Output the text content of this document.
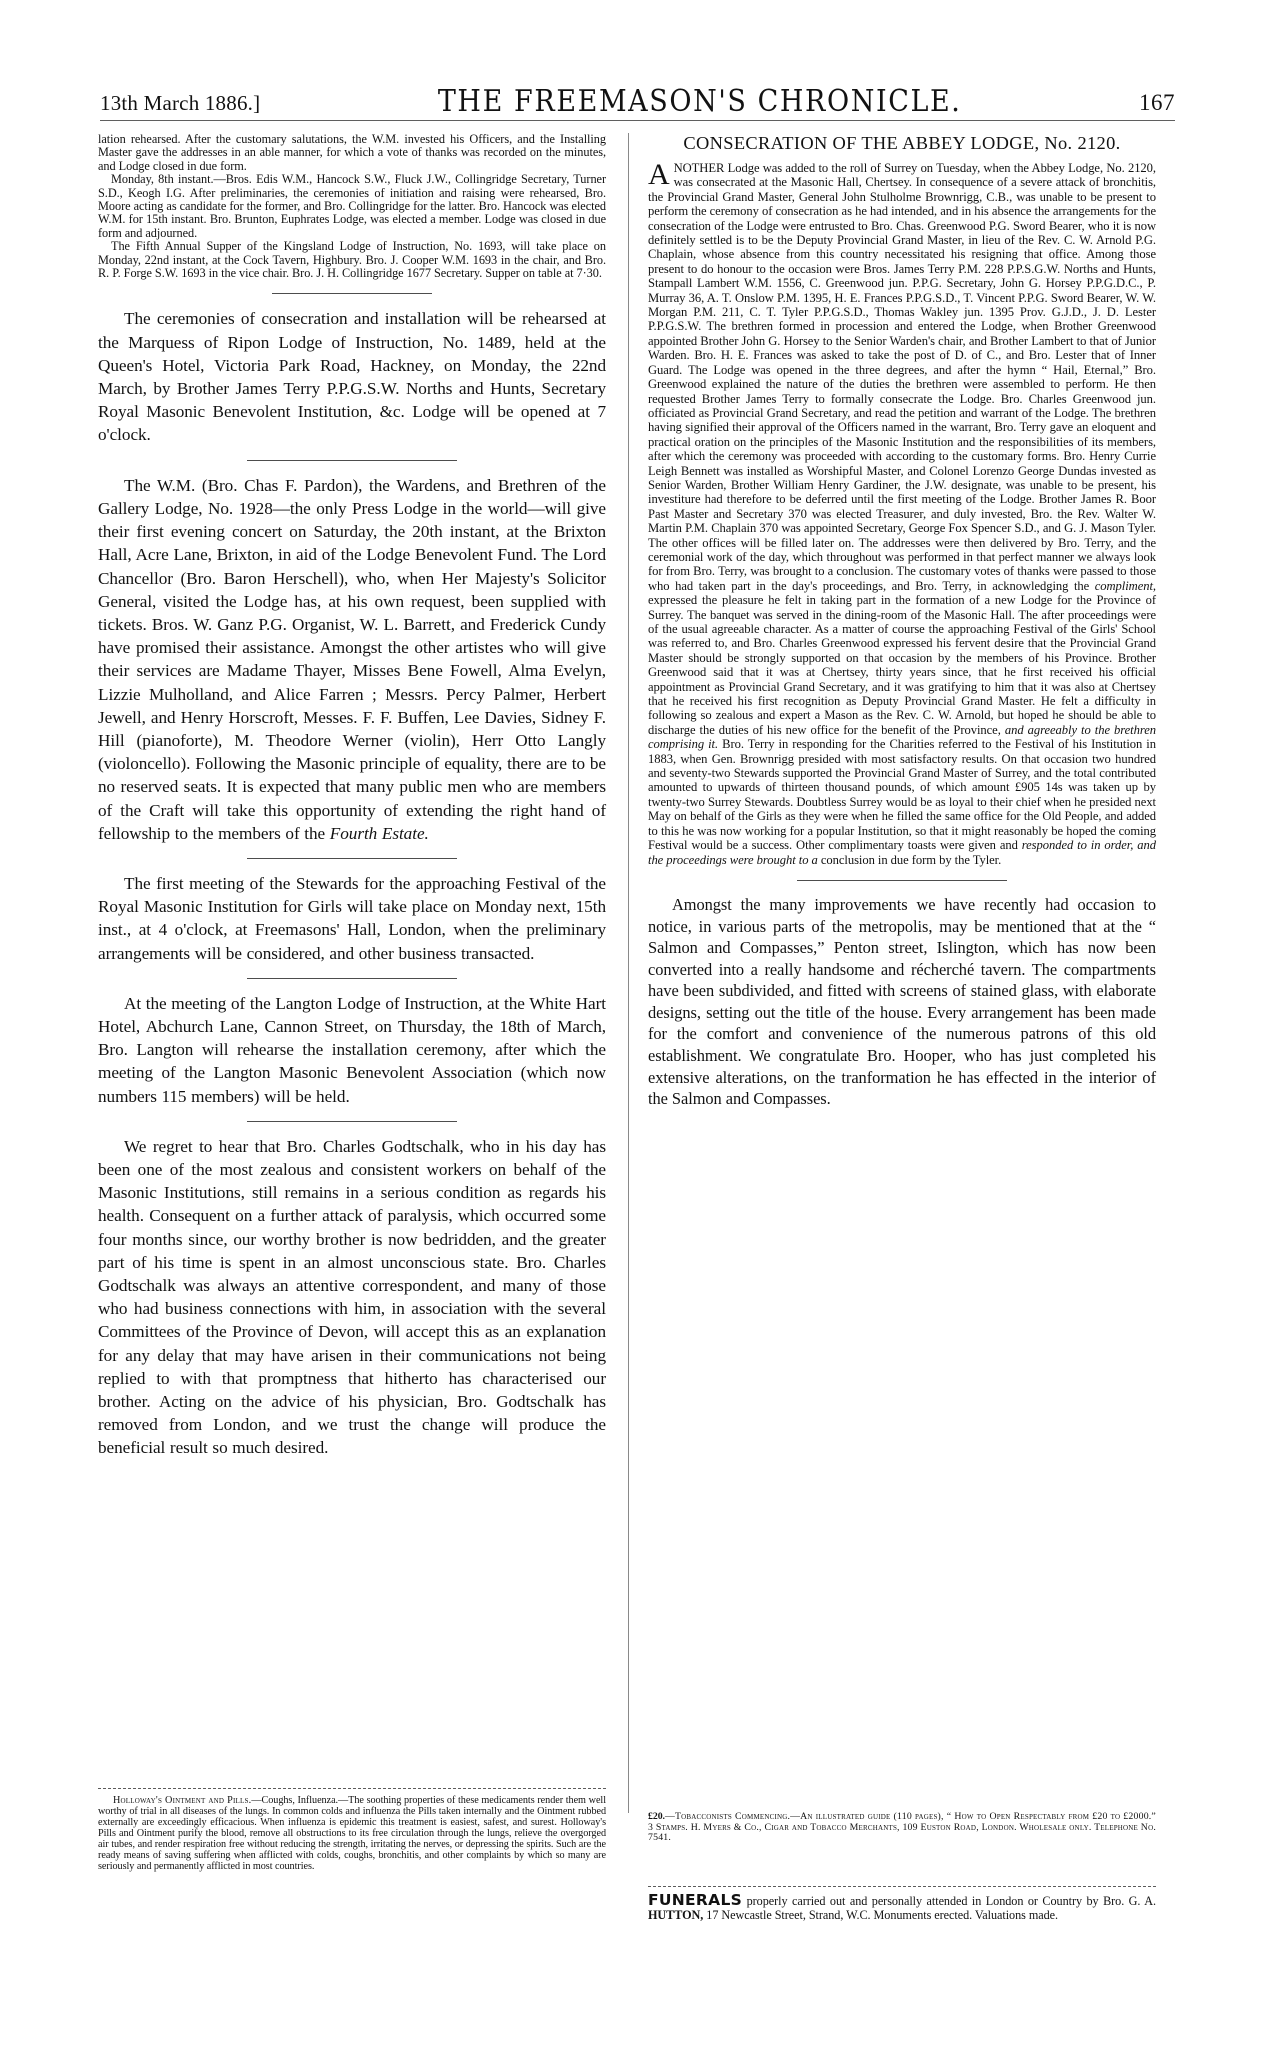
13th March 1886.]	THE FREEMASON'S CHRONICLE.	167

lation rehearsed. After the customary salutations, the W.M. invested his Officers, and the Installing Master gave the addresses in an able manner, for which a vote of thanks was recorded on the minutes, and Lodge closed in due form.

Monday, 8th instant.—Bros. Edis W.M., Hancock S.W., Fluck J.W., Collingridge Secretary, Turner S.D., Keogh I.G. After preliminaries, the ceremonies of initiation and raising were rehearsed, Bro. Moore acting as candidate for the former, and Bro. Collingridge for the latter. Bro. Hancock was elected W.M. for 15th instant. Bro. Brunton, Euphrates Lodge, was elected a member. Lodge was closed in due form and adjourned.

The Fifth Annual Supper of the Kingsland Lodge of Instruction, No. 1693, will take place on Monday, 22nd instant, at the Cock Tavern, Highbury. Bro. J. Cooper W.M. 1693 in the chair, and Bro. R. P. Forge S.W. 1693 in the vice chair. Bro. J. H. Collingridge 1677 Secretary. Supper on table at 7·30.

The ceremonies of consecration and installation will be rehearsed at the Marquess of Ripon Lodge of Instruction, No. 1489, held at the Queen's Hotel, Victoria Park Road, Hackney, on Monday, the 22nd March, by Brother James Terry P.P.G.S.W. Norths and Hunts, Secretary Royal Masonic Benevolent Institution, &c. Lodge will be opened at 7 o'clock.

The W.M. (Bro. Chas F. Pardon), the Wardens, and Brethren of the Gallery Lodge, No. 1928—the only Press Lodge in the world—will give their first evening concert on Saturday, the 20th instant, at the Brixton Hall, Acre Lane, Brixton, in aid of the Lodge Benevolent Fund. The Lord Chancellor (Bro. Baron Herschell), who, when Her Majesty's Solicitor General, visited the Lodge has, at his own request, been supplied with tickets. Bros. W. Ganz P.G. Organist, W. L. Barrett, and Frederick Cundy have promised their assistance. Amongst the other artistes who will give their services are Madame Thayer, Misses Bene Fowell, Alma Evelyn, Lizzie Mulholland, and Alice Farren ; Messrs. Percy Palmer, Herbert Jewell, and Henry Horscroft, Messes. F. F. Buffen, Lee Davies, Sidney F. Hill (pianoforte), M. Theodore Werner (violin), Herr Otto Langly (violoncello). Following the Masonic principle of equality, there are to be no reserved seats. It is expected that many public men who are members of the Craft will take this opportunity of extending the right hand of fellowship to the members of the Fourth Estate.

The first meeting of the Stewards for the approaching Festival of the Royal Masonic Institution for Girls will take place on Monday next, 15th inst., at 4 o'clock, at Freemasons' Hall, London, when the preliminary arrangements will be considered, and other business transacted.

At the meeting of the Langton Lodge of Instruction, at the White Hart Hotel, Abchurch Lane, Cannon Street, on Thursday, the 18th of March, Bro. Langton will rehearse the installation ceremony, after which the meeting of the Langton Masonic Benevolent Association (which now numbers 115 members) will be held.

We regret to hear that Bro. Charles Godtschalk, who in his day has been one of the most zealous and consistent workers on behalf of the Masonic Institutions, still remains in a serious condition as regards his health. Consequent on a further attack of paralysis, which occurred some four months since, our worthy brother is now bedridden, and the greater part of his time is spent in an almost unconscious state. Bro. Charles Godtschalk was always an attentive correspondent, and many of those who had business connections with him, in association with the several Committees of the Province of Devon, will accept this as an explanation for any delay that may have arisen in their communications not being replied to with that promptness that hitherto has characterised our brother. Acting on the advice of his physician, Bro. Godtschalk has removed from London, and we trust the change will produce the beneficial result so much desired.

CONSECRATION OF THE ABBEY LODGE, No. 2120.

ANOTHER Lodge was added to the roll of Surrey on Tuesday, when the Abbey Lodge, No. 2120, was consecrated at the Masonic Hall, Chertsey. In consequence of a severe attack of bronchitis, the Provincial Grand Master, General John Stulholme Brownrigg, C.B., was unable to be present to perform the ceremony of consecration as he had intended, and in his absence the arrangements for the consecration of the Lodge were entrusted to Bro. Chas. Greenwood P.G. Sword Bearer, who it is now definitely settled is to be the Deputy Provincial Grand Master, in lieu of the Rev. C. W. Arnold P.G. Chaplain, whose absence from this country necessitated his resigning that office. Among those present to do honour to the occasion were Bros. James Terry P.M. 228 P.P.S.G.W. Norths and Hunts, Stampall Lambert W.M. 1556, C. Greenwood jun. P.P.G. Secretary, John G. Horsey P.P.G.D.C., P. Murray 36, A. T. Onslow P.M. 1395, H. E. Frances P.P.G.S.D., T. Vincent P.P.G. Sword Bearer, W. W. Morgan P.M. 211, C. T. Tyler P.P.G.S.D., Thomas Wakley jun. 1395 Prov. G.J.D., J. D. Lester P.P.G.S.W. The brethren formed in procession and entered the Lodge, when Brother Greenwood appointed Brother John G. Horsey to the Senior Warden's chair, and Brother Lambert to that of Junior Warden. Bro. H. E. Frances was asked to take the post of D. of C., and Bro. Lester that of Inner Guard. The Lodge was opened in the three degrees, and after the hymn “ Hail, Eternal,” Bro. Greenwood explained the nature of the duties the brethren were assembled to perform. He then requested Brother James Terry to formally consecrate the Lodge. Bro. Charles Greenwood jun. officiated as Provincial Grand Secretary, and read the petition and warrant of the Lodge. The brethren having signified their approval of the Officers named in the warrant, Bro. Terry gave an eloquent and practical oration on the principles of the Masonic Institution and the responsibilities of its members, after which the ceremony was proceeded with according to the customary forms. Bro. Henry Currie Leigh Bennett was installed as Worshipful Master, and Colonel Lorenzo George Dundas invested as Senior Warden, Brother William Henry Gardiner, the J.W. designate, was unable to be present, his investiture had therefore to be deferred until the first meeting of the Lodge. Brother James R. Boor Past Master and Secretary 370 was elected Treasurer, and duly invested, Bro. the Rev. Walter W. Martin P.M. Chaplain 370 was appointed Secretary, George Fox Spencer S.D., and G. J. Mason Tyler. The other offices will be filled later on. The addresses were then delivered by Bro. Terry, and the ceremonial work of the day, which throughout was performed in that perfect manner we always look for from Bro. Terry, was brought to a conclusion. The customary votes of thanks were passed to those who had taken part in the day's proceedings, and Bro. Terry, in acknowledging the compliment, expressed the pleasure he felt in taking part in the formation of a new Lodge for the Province of Surrey. The banquet was served in the dining-room of the Masonic Hall. The after proceedings were of the usual agreeable character. As a matter of course the approaching Festival of the Girls' School was referred to, and Bro. Charles Greenwood expressed his fervent desire that the Provincial Grand Master should be strongly supported on that occasion by the members of his Province. Brother Greenwood said that it was at Chertsey, thirty years since, that he first received his official appointment as Provincial Grand Secretary, and it was gratifying to him that it was also at Chertsey that he received his first recognition as Deputy Provincial Grand Master. He felt a difficulty in following so zealous and expert a Mason as the Rev. C. W. Arnold, but hoped he should be able to discharge the duties of his new office for the benefit of the Province, and agreeably to the brethren comprising it. Bro. Terry in responding for the Charities referred to the Festival of his Institution in 1883, when Gen. Brownrigg presided with most satisfactory results. On that occasion two hundred and seventy-two Stewards supported the Provincial Grand Master of Surrey, and the total contributed amounted to upwards of thirteen thousand pounds, of which amount £905 14s was taken up by twenty-two Surrey Stewards. Doubtless Surrey would be as loyal to their chief when he presided next May on behalf of the Girls as they were when he filled the same office for the Old People, and added to this he was now working for a popular Institution, so that it might reasonably be hoped the coming Festival would be a success. Other complimentary toasts were given and responded to in order, and the proceedings were brought to a conclusion in due form by the Tyler.

Amongst the many improvements we have recently had occasion to notice, in various parts of the metropolis, may be mentioned that at the “ Salmon and Compasses,” Penton street, Islington, which has now been converted into a really handsome and récherché tavern. The compartments have been subdivided, and fitted with screens of stained glass, with elaborate designs, setting out the title of the house. Every arrangement has been made for the comfort and convenience of the numerous patrons of this old establishment. We congratulate Bro. Hooper, who has just completed his extensive alterations, on the tranformation he has effected in the interior of the Salmon and Compasses.

Holloway's Ointment and Pills.—Coughs, Influenza.—The soothing properties of these medicaments render them well worthy of trial in all diseases of the lungs. In common colds and influenza the Pills taken internally and the Ointment rubbed externally are exceedingly efficacious. When influenza is epidemic this treatment is easiest, safest, and surest. Holloway's Pills and Ointment purify the blood, remove all obstructions to its free circulation through the lungs, relieve the overgorged air tubes, and render respiration free without reducing the strength, irritating the nerves, or depressing the spirits. Such are the ready means of saving suffering when afflicted with colds, coughs, bronchitis, and other complaints by which so many are seriously and permanently afflicted in most countries.

£20.—Tobacconists Commencing.—An illustrated guide (110 pages), “ How to Open Respectably from £20 to £2000.” 3 Stamps. H. Myers & Co., Cigar and Tobacco Merchants, 109 Euston Road, London. Wholesale only. Telephone No. 7541.

FUNERALS properly carried out and personally attended in London or Country by Bro. G. A. HUTTON, 17 Newcastle Street, Strand, W.C. Monuments erected. Valuations made.
